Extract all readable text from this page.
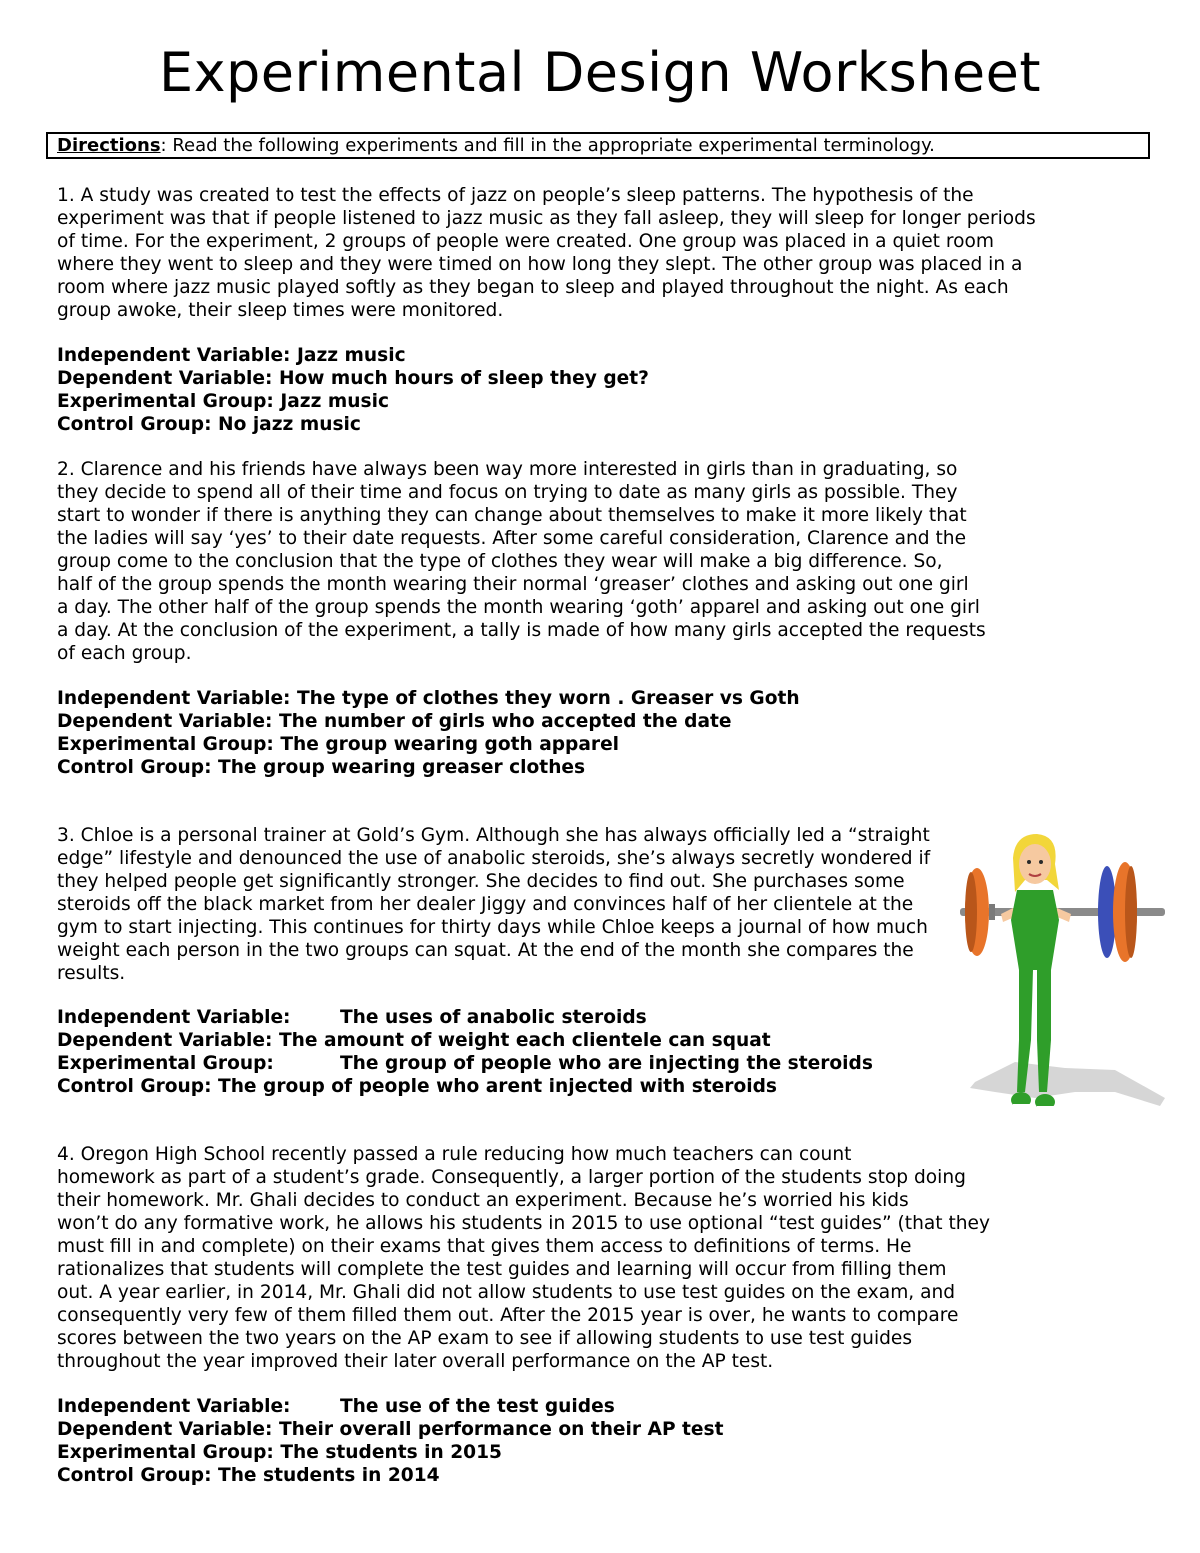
Experimental Design Worksheet
Directions: Read the following experiments and fill in the appropriate experimental terminology.
1. A study was created to test the effects of jazz on people’s sleep patterns. The hypothesis of the
experiment was that if people listened to jazz music as they fall asleep, they will sleep for longer periods
of time. For the experiment, 2 groups of people were created. One group was placed in a quiet room
where they went to sleep and they were timed on how long they slept. The other group was placed in a
room where jazz music played softly as they began to sleep and played throughout the night. As each
group awoke, their sleep times were monitored.
Independent Variable: Jazz music
Dependent Variable: How much hours of sleep they get?
Experimental Group: Jazz music
Control Group: No jazz music
2. Clarence and his friends have always been way more interested in girls than in graduating, so
they decide to spend all of their time and focus on trying to date as many girls as possible. They
start to wonder if there is anything they can change about themselves to make it more likely that
the ladies will say ‘yes’ to their date requests. After some careful consideration, Clarence and the
group come to the conclusion that the type of clothes they wear will make a big difference. So,
half of the group spends the month wearing their normal ‘greaser’ clothes and asking out one girl
a day. The other half of the group spends the month wearing ‘goth’ apparel and asking out one girl
a day. At the conclusion of the experiment, a tally is made of how many girls accepted the requests
of each group.
Independent Variable: The type of clothes they worn . Greaser vs Goth
Dependent Variable: The number of girls who accepted the date
Experimental Group: The group wearing goth apparel
Control Group: The group wearing greaser clothes
3. Chloe is a personal trainer at Gold’s Gym. Although she has always officially led a “straight
edge” lifestyle and denounced the use of anabolic steroids, she’s always secretly wondered if
they helped people get significantly stronger. She decides to find out. She purchases some
steroids off the black market from her dealer Jiggy and convinces half of her clientele at the
gym to start injecting. This continues for thirty days while Chloe keeps a journal of how much
weight each person in the two groups can squat. At the end of the month she compares the
results.
Independent Variable:	The uses of anabolic steroids
Dependent Variable: The amount of weight each clientele can squat
Experimental Group:	The group of people who are injecting the steroids
Control Group: The group of people who arent injected with steroids
4. Oregon High School recently passed a rule reducing how much teachers can count
homework as part of a student’s grade. Consequently, a larger portion of the students stop doing
their homework. Mr. Ghali decides to conduct an experiment. Because he’s worried his kids
won’t do any formative work, he allows his students in 2015 to use optional “test guides” (that they
must fill in and complete) on their exams that gives them access to definitions of terms. He
rationalizes that students will complete the test guides and learning will occur from filling them
out. A year earlier, in 2014, Mr. Ghali did not allow students to use test guides on the exam, and
consequently very few of them filled them out. After the 2015 year is over, he wants to compare
scores between the two years on the AP exam to see if allowing students to use test guides
throughout the year improved their later overall performance on the AP test.
Independent Variable:	The use of the test guides
Dependent Variable: Their overall performance on their AP test
Experimental Group: The students in 2015
Control Group: The students in 2014
